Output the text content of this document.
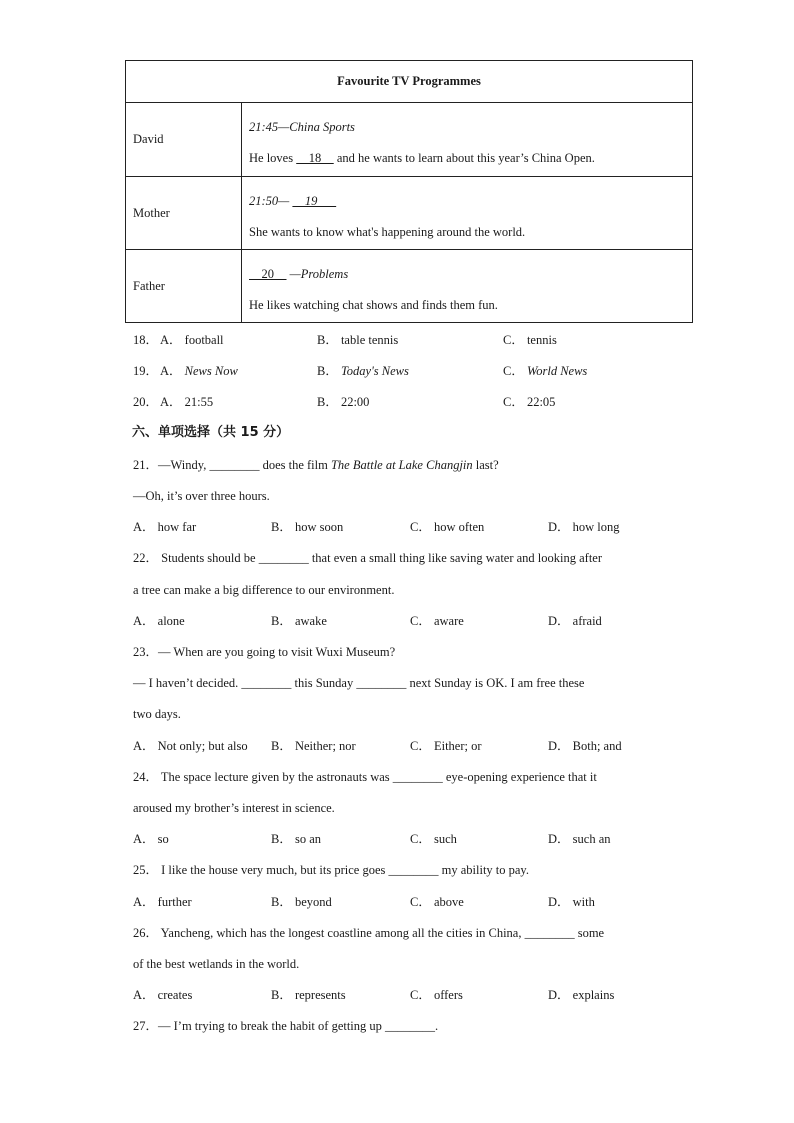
Favourite TV Programmes	
David	21:45—China Sports
He loves     18     and he wants to learn about this year’s China Open.

Mother	21:50—     19
She wants to know what's happening around the world.

Father	20     —Problems
He likes watching chat shows and finds them fun.
18． A． football	B． table tennis	C． tennis
19． A． News Now	B． Today's News	C． World News
20． A． 21:55	B． 22:00	C． 22:05
六、单项选择（共 15 分）
21．—Windy, ________ does the film The Battle at Lake Changjin last?
—Oh, it’s over three hours.
A． how far	B． how soon	C． how often	D． how long
22． Students should be ________ that even a small thing like saving water and looking after
a tree can make a big difference to our environment.
A． alone	B． awake	C． aware	D． afraid
23．— When are you going to visit Wuxi Museum?
— I haven’t decided. ________ this Sunday ________ next Sunday is OK. I am free these
two days.
A． Not only; but also B． Neither; nor	C． Either; or	D． Both; and
24． The space lecture given by the astronauts was ________ eye-opening experience that it
aroused my brother’s interest in science.
A． so	B． so an	C． such	D． such an
25． I like the house very much, but its price goes ________ my ability to pay.
A． further	B． beyond	C． above	D． with
26． Yancheng, which has the longest coastline among all the cities in China, ________ some
of the best wetlands in the world.
A． creates	B． represents	C． offers	D． explains
27．— I’m trying to break the habit of getting up ________.
